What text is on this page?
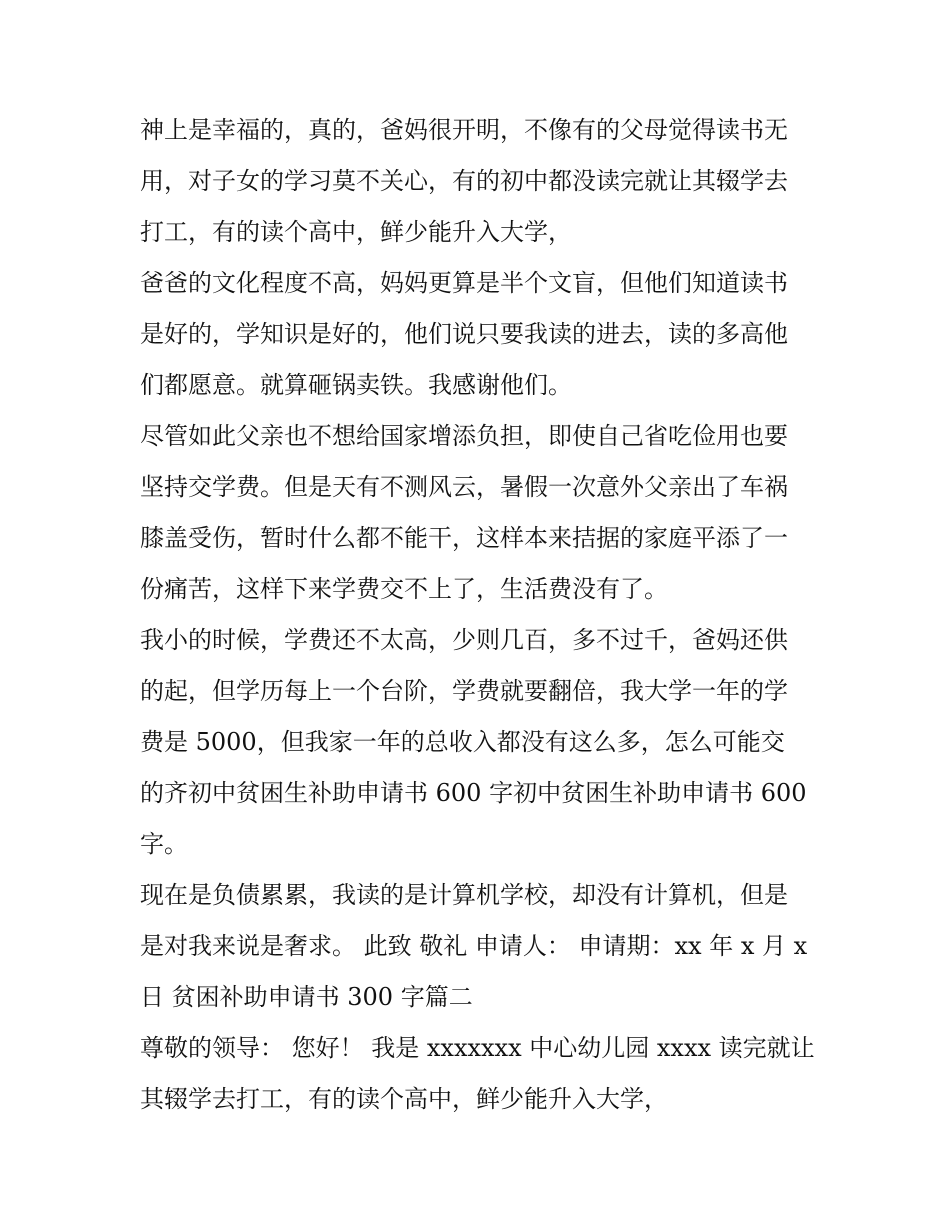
神上是幸福的，真的，爸妈很开明，不像有的父母觉得读书无
用，对子女的学习莫不关心，有的初中都没读完就让其辍学去
打工，有的读个高中，鲜少能升入大学，
爸爸的文化程度不高，妈妈更算是半个文盲，但他们知道读书
是好的，学知识是好的，他们说只要我读的进去，读的多高他
们都愿意。就算砸锅卖铁。我感谢他们。
尽管如此父亲也不想给国家增添负担，即使自己省吃俭用也要
坚持交学费。但是天有不测风云，暑假一次意外父亲出了车祸
膝盖受伤，暂时什么都不能干，这样本来拮据的家庭平添了一
份痛苦，这样下来学费交不上了，生活费没有了。
我小的时候，学费还不太高，少则几百，多不过千，爸妈还供
的起，但学历每上一个台阶，学费就要翻倍，我大学一年的学
费是 5000，但我家一年的总收入都没有这么多，怎么可能交
的齐初中贫困生补助申请书 600 字初中贫困生补助申请书 600
字。
现在是负债累累，我读的是计算机学校，却没有计算机，但是
是对我来说是奢求。 此致 敬礼 申请人： 申请期：xx 年 x 月 x
日 贫困补助申请书 300 字篇二
尊敬的领导： 您好！ 我是 xxxxxxx 中心幼儿园 xxxx 读完就让
其辍学去打工，有的读个高中，鲜少能升入大学，
